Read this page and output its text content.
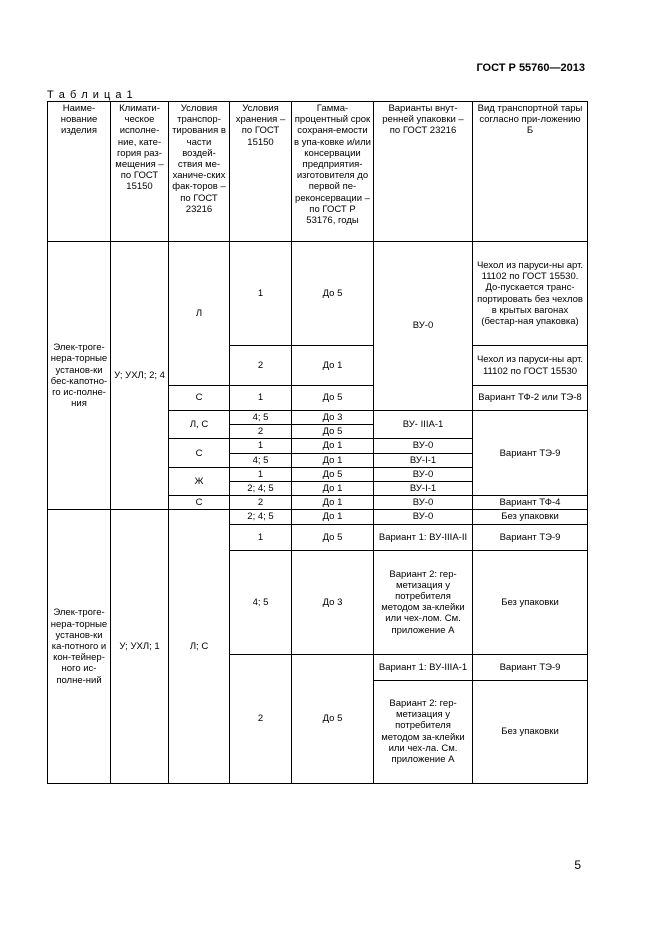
ГОСТ Р 55760—2013
Т а б л и ц а 1
Наиме-нование изделия	Климати-ческое исполне-ние, кате-гория раз-мещения – по ГОСТ 15150	Условия транспор-тирования в части воздей-ствия ме-ханиче-ских фак-торов – по ГОСТ 23216	Условия хранения – по ГОСТ 15150	Гамма-процентный срок сохраня-емости в упа-ковке и/или консервации предприятия-изготовителя до первой пе-реконсервации – по ГОСТ Р 53176, годы	Варианты внут-ренней упаковки – по ГОСТ 23216	Вид транспортной тары согласно при-ложению Б
Элек-троге-нера-торные установ-ки бес-капотно-го ис-полне-ния	У; УХЛ; 2; 4	Л	1	До 5	ВУ-0	Чехол из паруси-ны арт. 11102 по ГОСТ 15530. До-пускается транс-портировать без чехлов в крытых вагонах (бестар-ная упаковка)
			2	До 1		Чехол из паруси-ны арт. 11102 по ГОСТ 15530
		С	1	До 5		Вариант ТФ-2 или ТЭ-8
		Л, С	4; 5	До 3	ВУ- IIIА-1	Вариант ТЭ-9
			2	До 5		
		С	1	До 1	ВУ-0	
			4; 5	До 1	ВУ-I-1	
		Ж	1	До 5	ВУ-0	
			2; 4; 5	До 1	ВУ-I-1	
		С	2	До 1	ВУ-0	Вариант ТФ-4
Элек-троге-нера-торные установ-ки ка-потного и кон-тейнер-ного ис-полне-ний	У; УХЛ; 1	Л; С	2; 4; 5	До 1	ВУ-0	Без упаковки
			1	До 5	Вариант 1: ВУ-IIIА-II	Вариант ТЭ-9
			4; 5	До 3	Вариант 2: гер-метизация у потребителя методом за-клейки или чех-лом. См. приложение А	Без упаковки
			2	До 5	Вариант 1: ВУ-IIIА-1	Вариант ТЭ-9
					Вариант 2: гер-метизация у потребителя методом за-клейки или чех-ла. См. приложение А	Без упаковки

5
